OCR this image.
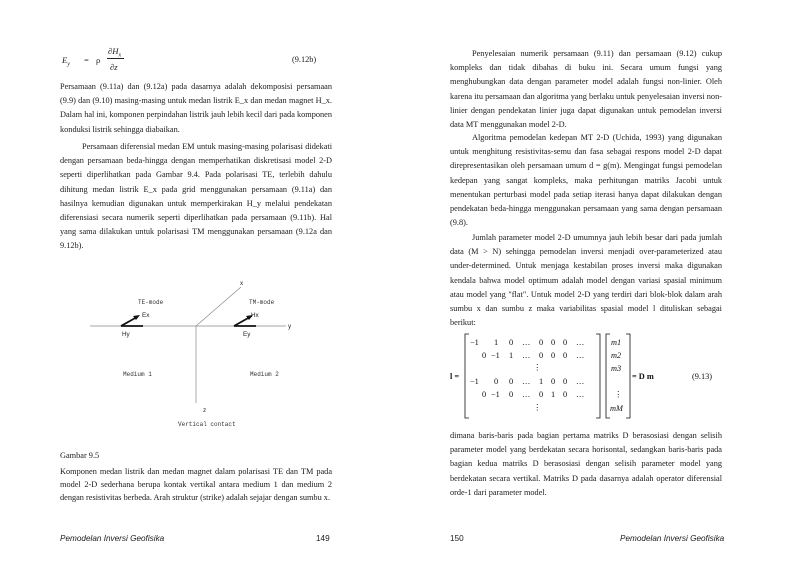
$E_y = \rho$
$\partial H_x$
∂z
(9.12b)
Persamaan (9.11a) dan (9.12a) pada dasarnya adalah dekomposisi persamaan (9.9) dan (9.10) masing-masing untuk medan listrik E_x dan medan magnet H_x. Dalam hal ini, komponen perpindahan listrik jauh lebih kecil dari pada komponen konduksi listrik sehingga diabaikan.
Persamaan diferensial medan EM untuk masing-masing polarisasi didekati dengan persamaan beda-hingga dengan memperhatikan diskretisasi model 2-D seperti diperlihatkan pada Gambar 9.4. Pada polarisasi TE, terlebih dahulu dihitung medan listrik E_x pada grid menggunakan persamaan (9.11a) dan hasilnya kemudian digunakan untuk memperkirakan H_y melalui pendekatan diferensiasi secara numerik seperti diperlihatkan pada persamaan (9.11b). Hal yang sama dilakukan untuk polarisasi TM menggunakan persamaan (9.12a dan 9.12b).
x
y
z
TE-mode
Ex
Hy
TM-mode
Hx
Ey
Medium 1	Medium 2
Vertical contact
Gambar 9.5
Komponen medan listrik dan medan magnet dalam polarisasi TE dan TM pada model 2-D sederhana berupa kontak vertikal antara medium 1 dan medium 2 dengan resistivitas berbeda. Arah struktur (strike) adalah sejajar dengan sumbu x.
Pemodelan Inversi Geofisika	149
Penyelesaian numerik persamaan (9.11) dan persamaan (9.12) cukup kompleks dan tidak dibahas di buku ini. Secara umum fungsi yang menghubungkan data dengan parameter model adalah fungsi non-linier. Oleh karena itu persamaan dan algoritma yang berlaku untuk penyelesaian inversi non-linier dengan pendekatan linier juga dapat digunakan untuk pemodelan inversi data MT menggunakan model 2-D.
Algoritma pemodelan kedepan MT 2-D (Uchida, 1993) yang digunakan untuk menghitung resistivitas-semu dan fasa sebagai respons model 2-D dapat direpresentasikan oleh persamaan umum d = g(m). Mengingat fungsi pemodelan kedepan yang sangat kompleks, maka perhitungan matriks Jacobi untuk menentukan perturbasi model pada setiap iterasi hanya dapat dilakukan dengan pendekatan beda-hingga menggunakan persamaan yang sama dengan persamaan (9.8).
Jumlah parameter model 2-D umumnya jauh lebih besar dari pada jumlah data (M > N) sehingga pemodelan inversi menjadi over-parameterized atau under-determined. Untuk menjaga kestabilan proses inversi maka digunakan kendala bahwa model optimum adalah model dengan variasi spasial minimum atau model yang "flat". Untuk model 2-D yang terdiri dari blok-blok dalam arah sumbu x dan sumbu z maka variabilitas spasial model l dituliskan sebagai berikut:
l =
−1 1 0 … 0 0 0 …
0 −1 1 … 0 0 0 …
⋮
−1 0 0 … 1 0 0 …
0 −1 0 … 0 1 0 …
⋮
m1
m2
m3
⋮
mM
= D m	(9.13)
dimana baris-baris pada bagian pertama matriks D berasosiasi dengan selisih parameter model yang berdekatan secara horisontal, sedangkan baris-baris pada bagian kedua matriks D berasosiasi dengan selisih parameter model yang berdekatan secara vertikal. Matriks D pada dasarnya adalah operator diferensial orde-1 dari parameter model.
150	Pemodelan Inversi Geofisika
